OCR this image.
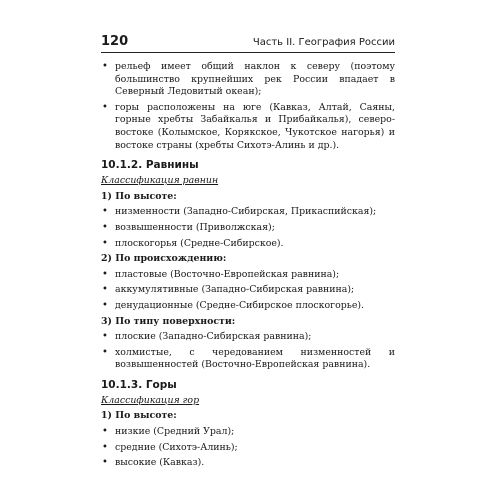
120	Часть II. География России
• рельеф имеет общий наклон к северу (поэтому большинство крупнейших рек России впадает в Северный Ледовитый океан);
• горы расположены на юге (Кавказ, Алтай, Саяны, горные хребты Забайкалья и Прибайкалья), северо-востоке (Колымское, Корякское, Чукотское нагорья) и востоке страны (хребты Сихотэ-Алинь и др.).
10.1.2. Равнины
Классификация равнин
1) По высоте:
• низменности (Западно-Сибирская, Прикаспийская);
• возвышенности (Приволжская);
• плоскогорья (Средне-Сибирское).
2) По происхождению:
• пластовые (Восточно-Европейская равнина);
• аккумулятивные (Западно-Сибирская равнина);
• денудационные (Средне-Сибирское плоскогорье).
3) По типу поверхности:
• плоские (Западно-Сибирская равнина);
• холмистые, с чередованием низменностей и возвышенностей (Восточно-Европейская равнина).
10.1.3. Горы
Классификация гор
1) По высоте:
• низкие (Средний Урал);
• средние (Сихотэ-Алинь);
• высокие (Кавказ).
